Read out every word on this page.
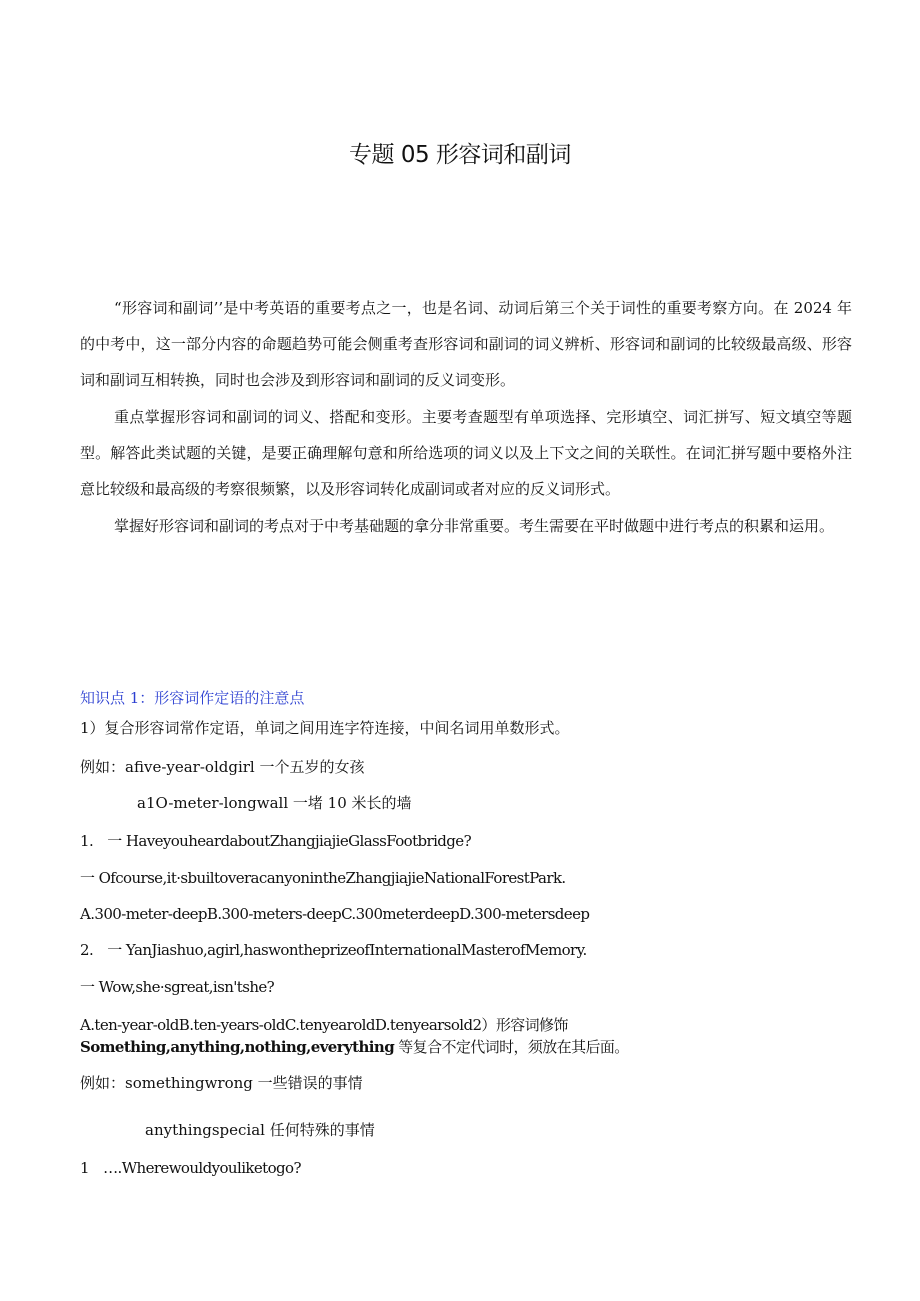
专题 05 形容词和副词

“形容词和副词’’是中考英语的重要考点之一，也是名词、动词后第三个关于词性的重要考察方向。在 2024 年的中考中，这一部分内容的命题趋势可能会侧重考查形容词和副词的词义辨析、形容词和副词的比较级最高级、形容词和副词互相转换，同时也会涉及到形容词和副词的反义词变形。

重点掌握形容词和副词的词义、搭配和变形。主要考查题型有单项选择、完形填空、词汇拼写、短文填空等题型。解答此类试题的关键，是要正确理解句意和所给选项的词义以及上下文之间的关联性。在词汇拼写题中要格外注意比较级和最高级的考察很频繁，以及形容词转化成副词或者对应的反义词形式。

掌握好形容词和副词的考点对于中考基础题的拿分非常重要。考生需要在平时做题中进行考点的积累和运用。

知识点 1：形容词作定语的注意点
1）复合形容词常作定语，单词之间用连字符连接，中间名词用单数形式。
例如：afive-year-oldgirl 一个五岁的女孩
a1O-meter-longwall 一堵 10 米长的墙
1. 一 HaveyouheardaboutZhangjiajieGlassFootbridge?
一 Ofcourse,it·sbuiltoveracanyonintheZhangjiajieNationalForestPark.
A.300-meter-deepB.300-meters-deepC.300meterdeepD.300-metersdeep
2. 一 YanJiashuo,agirl,haswontheprizeofInternationalMasterofMemory.
一 Wow,she·sgreat,isn'tshe?
A.ten-year-oldB.ten-years-oldC.tenyearoldD.tenyearsold2）形容词修饰 Something,anything,nothing,everything 等复合不定代词时，须放在其后面。
例如：somethingwrong 一些错误的事情
anythingspecial 任何特殊的事情
1 ….Wherewouldyouliketogo?
